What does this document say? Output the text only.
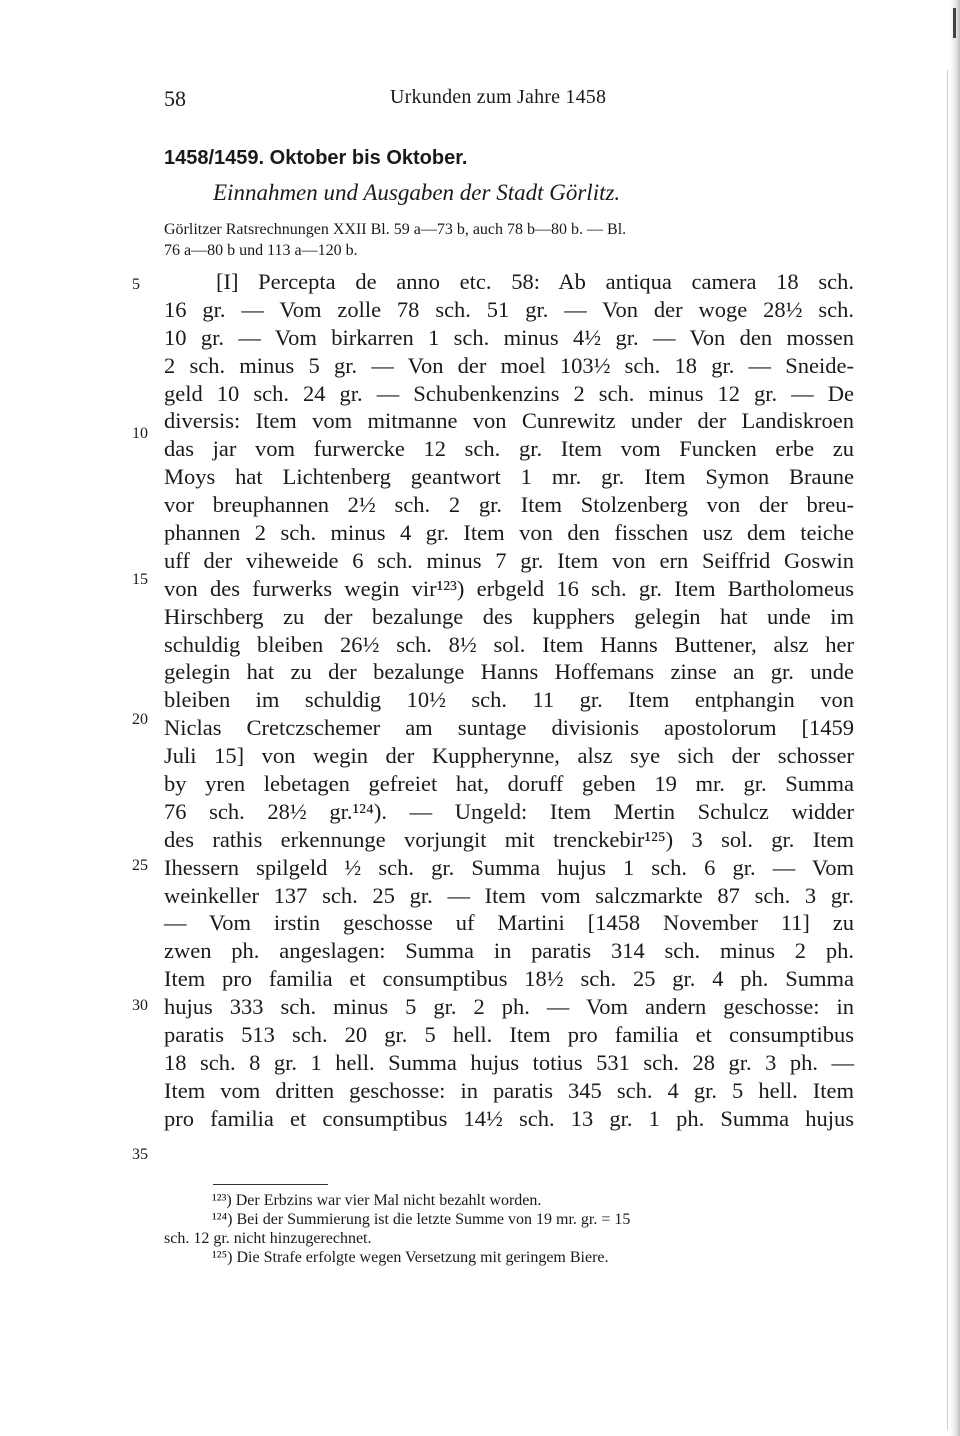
58	Urkunden zum Jahre 1458
1458/1459. Oktober bis Oktober.
Einnahmen und Ausgaben der Stadt Görlitz.
Görlitzer Ratsrechnungen XXII Bl. 59 a—73 b, auch 78 b—80 b. — Bl.
76 a—80 b und 113 a—120 b.
[I] Percepta de anno etc. 58: Ab antiqua camera 18 sch.
16 gr. — Vom zolle 78 sch. 51 gr. — Von der woge 28½ sch.
10 gr. — Vom birkarren 1 sch. minus 4½ gr. — Von den mossen
2 sch. minus 5 gr. — Von der moel 103½ sch. 18 gr. — Sneide-
geld 10 sch. 24 gr. — Schubenkenzins 2 sch. minus 12 gr. — De
diversis: Item vom mitmanne von Cunrewitz under der Landiskroen
das jar vom furwercke 12 sch. gr. Item vom Funcken erbe zu
Moys hat Lichtenberg geantwort 1 mr. gr. Item Symon Braune
vor breuphannen 2½ sch. 2 gr. Item Stolzenberg von der breu-
phannen 2 sch. minus 4 gr. Item von den fisschen usz dem teiche
uff der viheweide 6 sch. minus 7 gr. Item von ern Seiffrid Goswin
von des furwerks wegin vir¹²³) erbgeld 16 sch. gr. Item Bartholomeus
Hirschberg zu der bezalunge des kupphers gelegin hat unde im
schuldig bleiben 26½ sch. 8½ sol. Item Hanns Buttener, alsz her
gelegin hat zu der bezalunge Hanns Hoffemans zinse an gr. unde
bleiben im schuldig 10½ sch. 11 gr. Item entphangin von
Niclas Cretczschemer am suntage divisionis apostolorum [1459
Juli 15] von wegin der Kuppherynne, alsz sye sich der schosser
by yren lebetagen gefreiet hat, doruff geben 19 mr. gr. Summa
76 sch. 28½ gr.¹²⁴). — Ungeld: Item Mertin Schulcz widder
des rathis erkennunge vorjungit mit trenckebir¹²⁵) 3 sol. gr. Item
Ihessern spilgeld ½ sch. gr. Summa hujus 1 sch. 6 gr. — Vom
weinkeller 137 sch. 25 gr. — Item vom salczmarkte 87 sch. 3 gr.
— Vom irstin geschosse uf Martini [1458 November 11] zu
zwen ph. angeslagen: Summa in paratis 314 sch. minus 2 ph.
Item pro familia et consumptibus 18½ sch. 25 gr. 4 ph. Summa
hujus 333 sch. minus 5 gr. 2 ph. — Vom andern geschosse: in
paratis 513 sch. 20 gr. 5 hell. Item pro familia et consumptibus
18 sch. 8 gr. 1 hell. Summa hujus totius 531 sch. 28 gr. 3 ph. —
Item vom dritten geschosse: in paratis 345 sch. 4 gr. 5 hell. Item
pro familia et consumptibus 14½ sch. 13 gr. 1 ph. Summa hujus
5
10
15
20
25
30
35
¹²³) Der Erbzins war vier Mal nicht bezahlt worden.
¹²⁴) Bei der Summierung ist die letzte Summe von 19 mr. gr. = 15
sch. 12 gr. nicht hinzugerechnet.
¹²⁵) Die Strafe erfolgte wegen Versetzung mit geringem Biere.
